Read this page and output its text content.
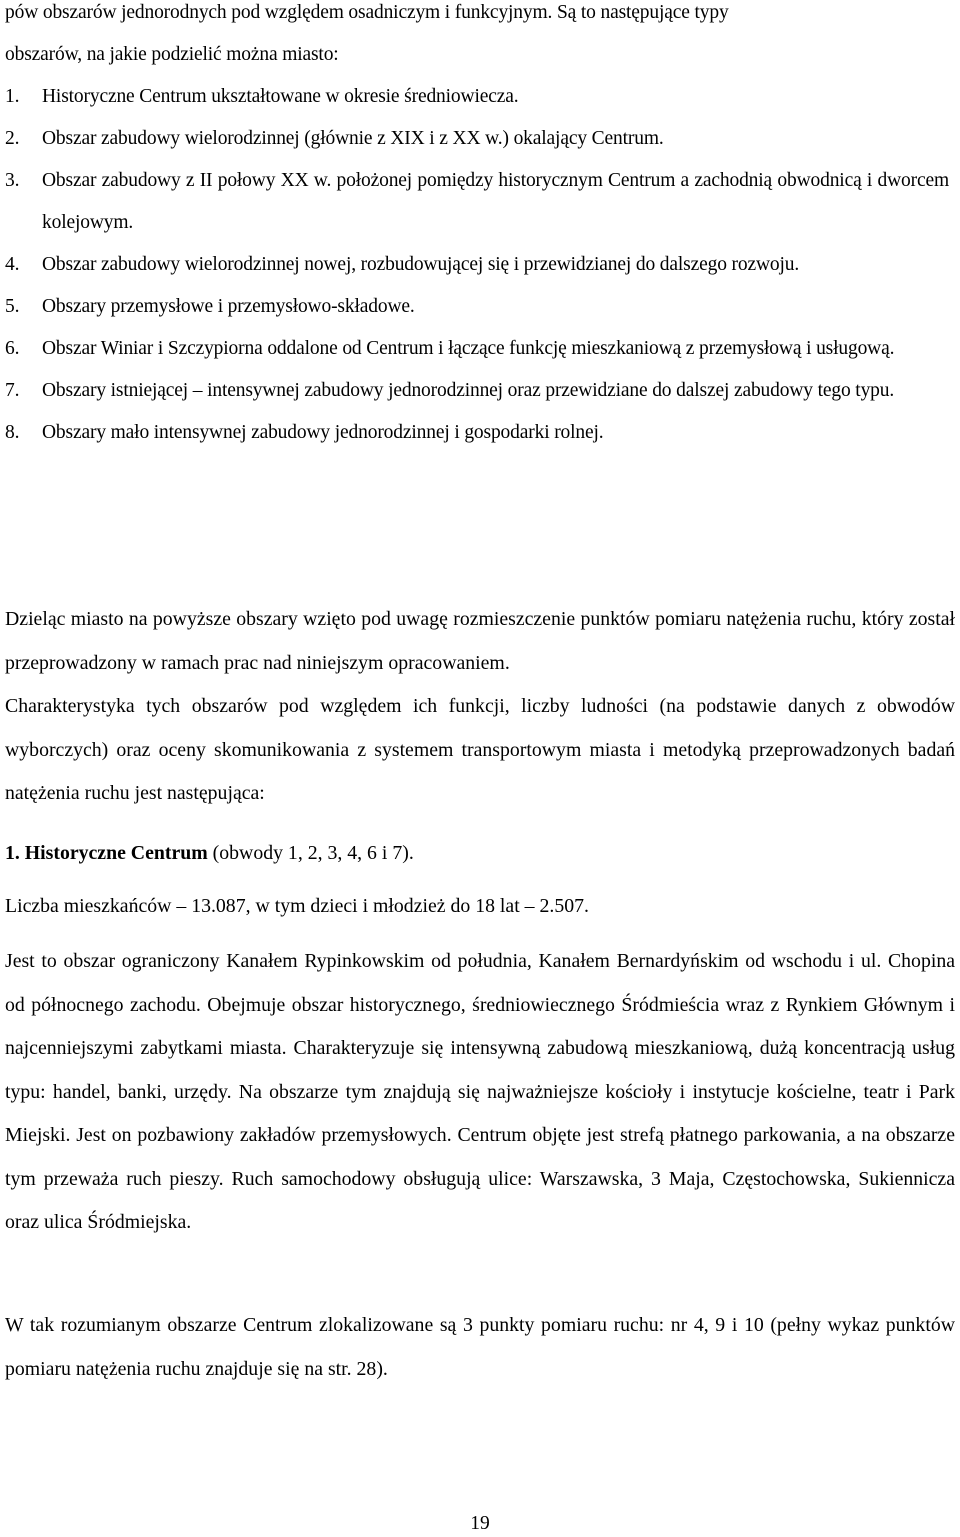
pów obszarów jednorodnych pod względem osadniczym i funkcyjnym. Są to następujące typy
obszarów, na jakie podzielić można miasto:
1. Historyczne Centrum ukształtowane w okresie średniowiecza.
2. Obszar zabudowy wielorodzinnej (głównie z XIX i z XX w.) okalający Centrum.
3. Obszar zabudowy z II połowy XX w. położonej pomiędzy historycznym Centrum a zachodnią obwodnicą i dworcem kolejowym.
4. Obszar zabudowy wielorodzinnej nowej, rozbudowującej się i przewidzianej do dalszego rozwoju.
5. Obszary przemysłowe i przemysłowo-składowe.
6. Obszar Winiar i Szczypiorna oddalone od Centrum i łączące funkcję mieszkaniową z przemysłową i usługową.
7. Obszary istniejącej – intensywnej zabudowy jednorodzinnej oraz przewidziane do dalszej zabudowy tego typu.
8. Obszary mało intensywnej zabudowy jednorodzinnej i gospodarki rolnej.

Dzieląc miasto na powyższe obszary wzięto pod uwagę rozmieszczenie punktów pomiaru natężenia ruchu, który został przeprowadzony w ramach prac nad niniejszym opracowaniem.

Charakterystyka tych obszarów pod względem ich funkcji, liczby ludności (na podstawie danych z obwodów wyborczych) oraz oceny skomunikowania z systemem transportowym miasta i metodyką przeprowadzonych badań natężenia ruchu jest następująca:

1. Historyczne Centrum (obwody 1, 2, 3, 4, 6 i 7).

Liczba mieszkańców – 13.087, w tym dzieci i młodzież do 18 lat – 2.507.

Jest to obszar ograniczony Kanałem Rypinkowskim od południa, Kanałem Bernardyńskim od wschodu i ul. Chopina od północnego zachodu. Obejmuje obszar historycznego, średniowiecznego Śródmieścia wraz z Rynkiem Głównym i najcenniejszymi zabytkami miasta. Charakteryzuje się intensywną zabudową mieszkaniową, dużą koncentracją usług typu: handel, banki, urzędy. Na obszarze tym znajdują się najważniejsze kościoły i instytucje kościelne, teatr i Park Miejski. Jest on pozbawiony zakładów przemysłowych. Centrum objęte jest strefą płatnego parkowania, a na obszarze tym przeważa ruch pieszy. Ruch samochodowy obsługują ulice: Warszawska, 3 Maja, Częstochowska, Sukiennicza oraz ulica Śródmiejska.

W tak rozumianym obszarze Centrum zlokalizowane są 3 punkty pomiaru ruchu: nr 4, 9 i 10 (pełny wykaz punktów pomiaru natężenia ruchu znajduje się na str. 28).

19
